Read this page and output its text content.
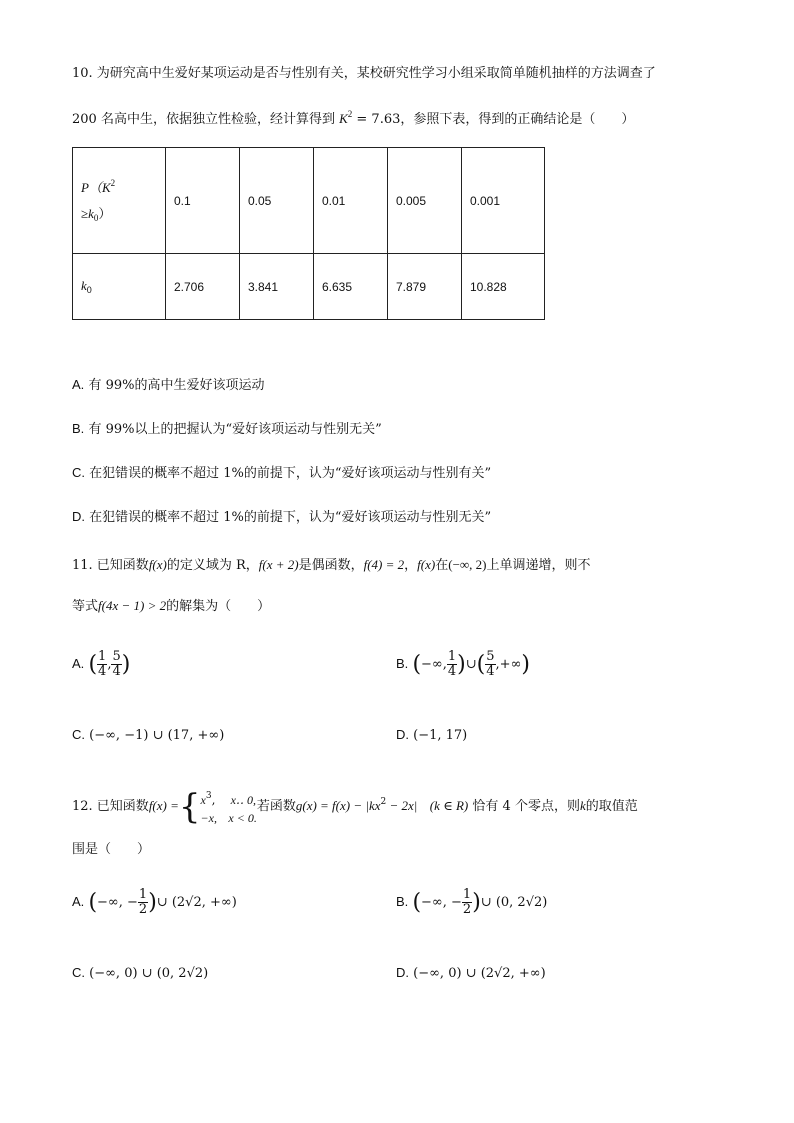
10. 为研究高中生爱好某项运动是否与性别有关，某校研究性学习小组采取简单随机抽样的方法调查了
200 名高中生，依据独立性检验，经计算得到 $K^2 = 7.63$，参照下表，得到的正确结论是（　　）
$P(K^2$
$\ge k_0$）	0.1	0.05	0.01	0.005	0.001
$k_0$	2.706	3.841	6.635	7.879	10.828
A. 有 99%的高中生爱好该项运动
B. 有 99%以上的把握认为“爱好该项运动与性别无关”
C. 在犯错误的概率不超过 1%的前提下，认为“爱好该项运动与性别有关”
D. 在犯错误的概率不超过 1%的前提下，认为“爱好该项运动与性别无关”
11. 已知函数f(x)的定义域为 R，f(x + 2)是偶函数，f(4) = 2，f(x)在(−∞, 2)上单调递增，则不
等式f(4x − 1) > 2的解集为（　　）
A. ( $\frac{1}{4}$ , $\frac{5}{4}$ )	B. (−∞, $\frac{1}{4}$ )∪( $\frac{5}{4}$ ,+∞)
C. (−∞, −1) ∪ (17, +∞)	D. (−1, 17)
12. 已知函数$f(x) =\{x^3$,    x‥ 0,
−x, x < 0.若函数$g(x) = f(x) - |kx^2 - 2x|$ (k ∈ R) 恰有 4 个零点，则k的取值范
围是（　　）
A. (−∞, − $\frac{1}{2}$ )∪ (2√2, +∞)	B. (−∞, − $\frac{1}{2}$ )∪ (0, 2√2)
C. (−∞, 0) ∪ (0, 2√2)	D. (−∞, 0) ∪ (2√2, +∞)
